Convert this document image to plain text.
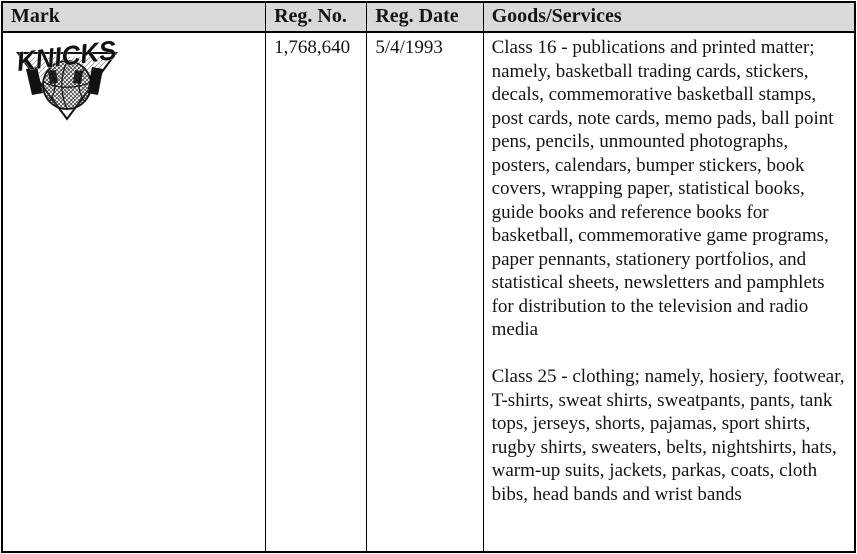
Mark	Reg. No.	Reg. Date	Goods/Services

KNICKS	1,768,640	5/4/1993	Class 16 - publications and printed matter; namely, basketball trading cards, stickers, decals, commemorative basketball stamps, post cards, note cards, memo pads, ball point pens, pencils, unmounted photographs, posters, calendars, bumper stickers, book covers, wrapping paper, statistical books, guide books and reference books for basketball, commemorative game programs, paper pennants, stationery portfolios, and statistical sheets, newsletters and pamphlets for distribution to the television and radio media

Class 25 - clothing; namely, hosiery, footwear, T-shirts, sweat shirts, sweatpants, pants, tank tops, jerseys, shorts, pajamas, sport shirts, rugby shirts, sweaters, belts, nightshirts, hats, warm-up suits, jackets, parkas, coats, cloth bibs, head bands and wrist bands
